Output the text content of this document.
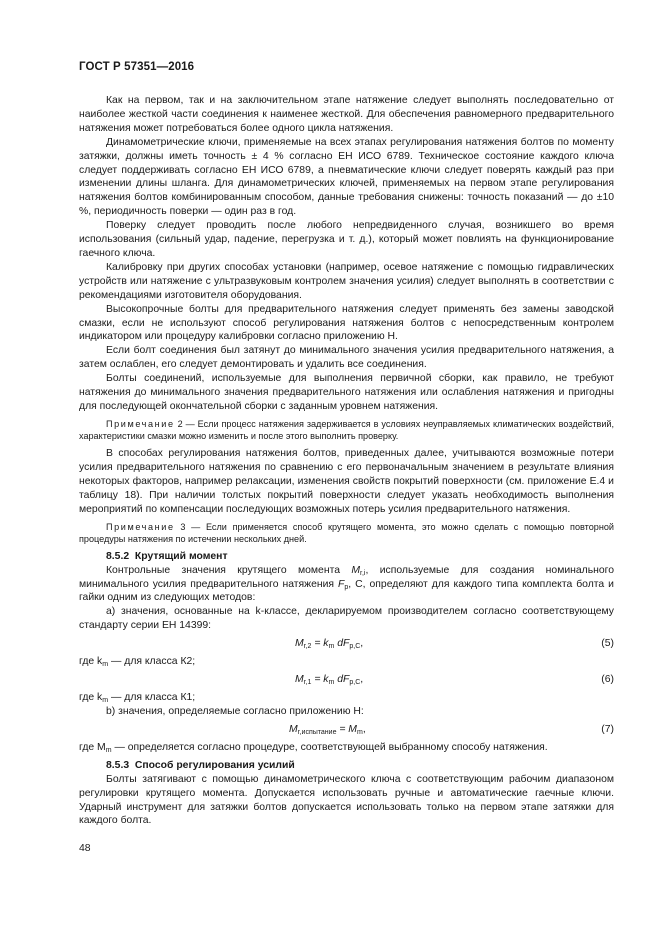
ГОСТ Р 57351—2016

Как на первом, так и на заключительном этапе натяжение следует выполнять последовательно от наиболее жесткой части соединения к наименее жесткой. Для обеспечения равномерного предварительного натяжения может потребоваться более одного цикла натяжения.

Динамометрические ключи, применяемые на всех этапах регулирования натяжения болтов по моменту затяжки, должны иметь точность ± 4 % согласно ЕН ИСО 6789. Техническое состояние каждого ключа следует поддерживать согласно ЕН ИСО 6789, а пневматические ключи следует поверять каждый раз при изменении длины шланга. Для динамометрических ключей, применяемых на первом этапе регулирования натяжения болтов комбинированным способом, данные требования снижены: точность показаний — до ±10 %, периодичность поверки — один раз в год.

Поверку следует проводить после любого непредвиденного случая, возникшего во время использования (сильный удар, падение, перегрузка и т. д.), который может повлиять на функционирование гаечного ключа.

Калибровку при других способах установки (например, осевое натяжение с помощью гидравлических устройств или натяжение с ультразвуковым контролем значения усилия) следует выполнять в соответствии с рекомендациями изготовителя оборудования.

Высокопрочные болты для предварительного натяжения следует применять без замены заводской смазки, если не используют способ регулирования натяжения болтов с непосредственным контролем индикатором или процедуру калибровки согласно приложению Н.

Если болт соединения был затянут до минимального значения усилия предварительного натяжения, а затем ослаблен, его следует демонтировать и удалить все соединения.

Болты соединений, используемые для выполнения первичной сборки, как правило, не требуют натяжения до минимального значения предварительного натяжения или ослабления натяжения и пригодны для последующей окончательной сборки с заданным уровнем натяжения.

Примечание 2 — Если процесс натяжения задерживается в условиях неуправляемых климатических воздействий, характеристики смазки можно изменить и после этого выполнить проверку.

В способах регулирования натяжения болтов, приведенных далее, учитываются возможные потери усилия предварительного натяжения по сравнению с его первоначальным значением в результате влияния некоторых факторов, например релаксации, изменения свойств покрытий поверхности (см. приложение Е.4 и таблицу 18). При наличии толстых покрытий поверхности следует указать необходимость выполнения мероприятий по компенсации последующих возможных потерь усилия предварительного натяжения.

Примечание 3 — Если применяется способ крутящего момента, это можно сделать с помощью повторной процедуры натяжения по истечении нескольких дней.

8.5.2 Крутящий момент

Контрольные значения крутящего момента $M_{r,i}$, используемые для создания номинального минимального усилия предварительного натяжения $F_p$, С, определяют для каждого типа комплекта болта и гайки одним из следующих методов:

a) значения, основанные на k-классе, декларируемом производителем согласно соответствующему стандарту серии ЕН 14399:

$M_{r,2} = k_m$ $dF_{p,C}$,	(5)

где $k_m$ — для класса К2;

$M_{r,1} = k_m$ $dF_{p,C}$,	(6)

где $k_m$ — для класса К1;

b) значения, определяемые согласно приложению Н:

$M_{r,испытание} = M_m$,	(7)

где $M_m$ — определяется согласно процедуре, соответствующей выбранному способу натяжения.

8.5.3 Способ регулирования усилий

Болты затягивают с помощью динамометрического ключа с соответствующим рабочим диапазоном регулировки крутящего момента. Допускается использовать ручные и автоматические гаечные ключи. Ударный инструмент для затяжки болтов допускается использовать только на первом этапе затяжки для каждого болта.

48
